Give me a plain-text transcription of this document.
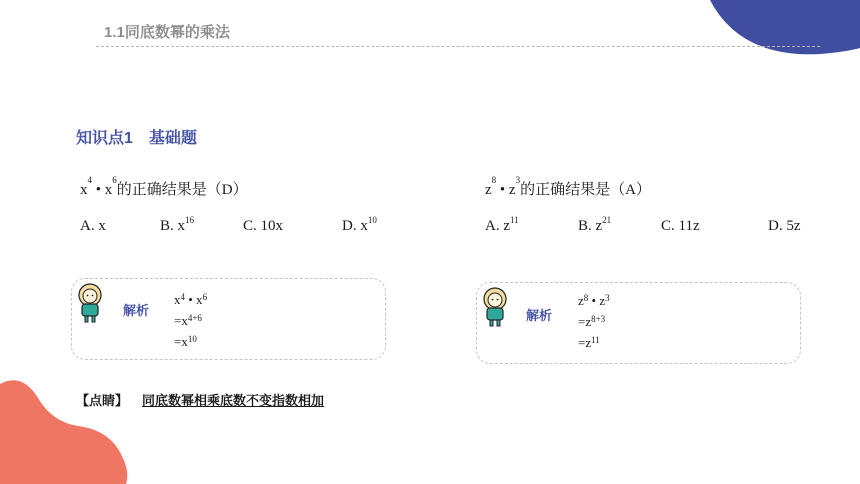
1.1同底数幂的乘法
知识点1　基础题
$x^4$ • $x^6$的正确结果是（D）
A. x	B. $x^{16}$	C. 10x	D. $x^{10}$
$z^8$ • $z^3$的正确结果是（A）
A. $z^{11}$	B. $z^{21}$	C. 11z	D. 5z
解析
$x^4$ • $x^6$
$=x^{4+6}$
$=x^{10}$
解析
$z^8$ • $z^3$
$=z^{8+3}$
$=z^{11}$
【点睛】 同底数幂相乘底数不变指数相加
